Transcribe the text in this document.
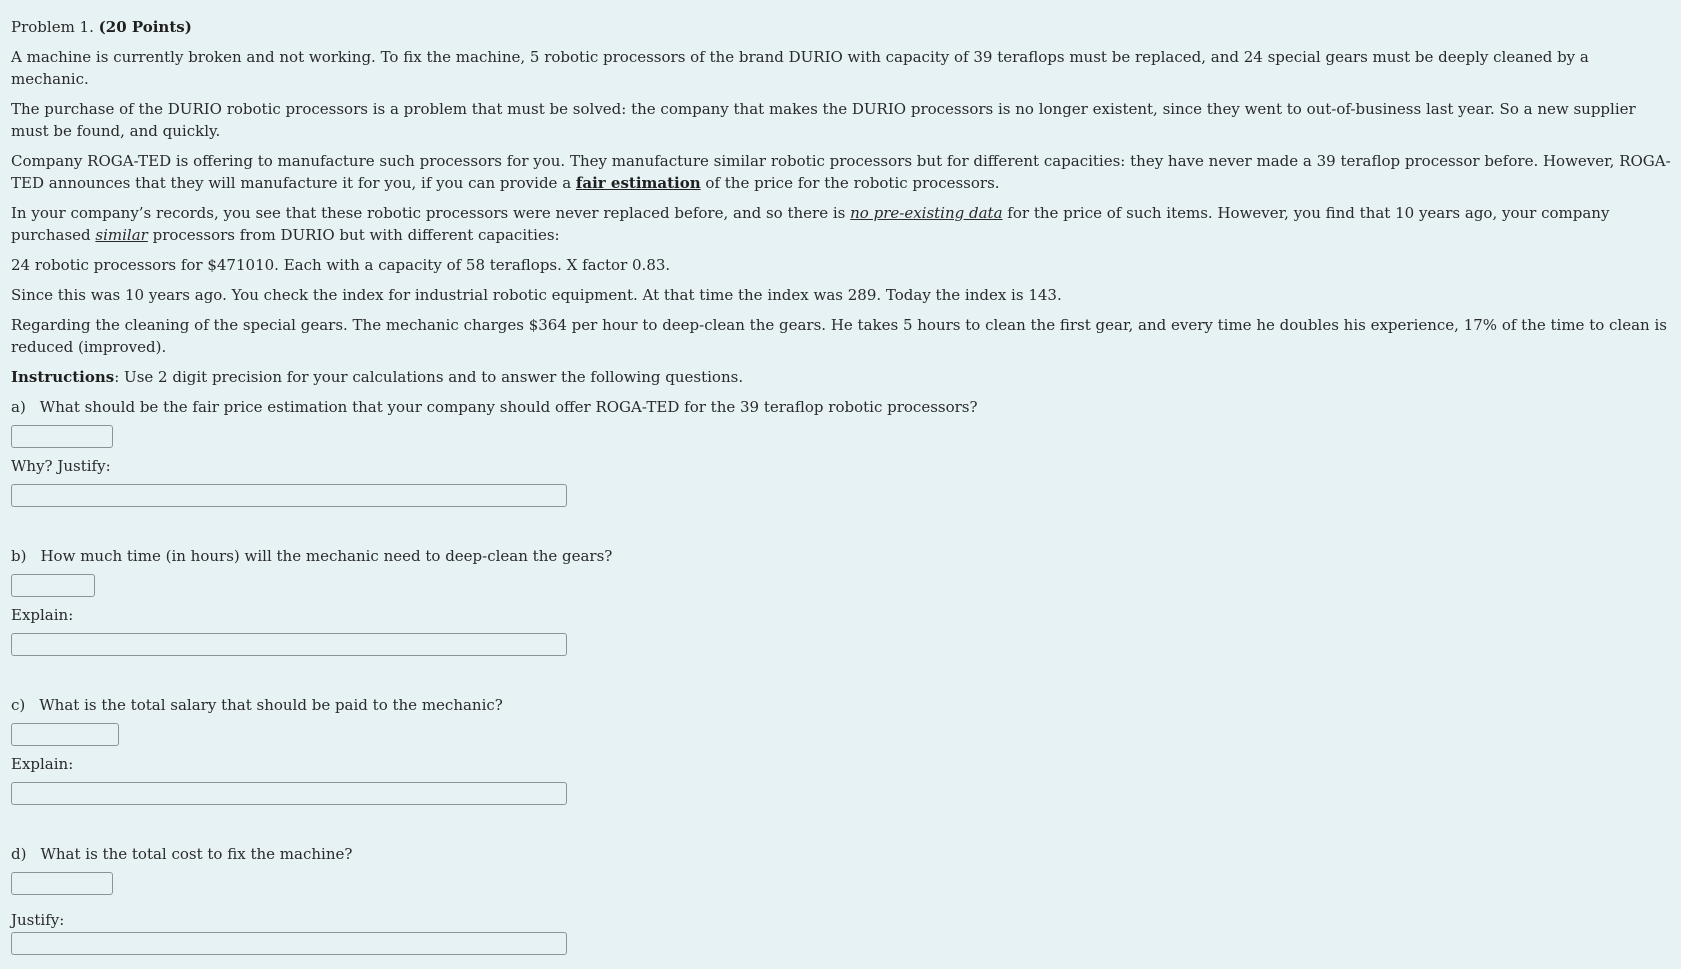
Problem 1. (20 Points)
A machine is currently broken and not working. To fix the machine, 5 robotic processors of the brand DURIO with capacity of 39 teraflops must be replaced, and 24 special gears must be deeply cleaned by a mechanic.
The purchase of the DURIO robotic processors is a problem that must be solved: the company that makes the DURIO processors is no longer existent, since they went to out-of-business last year. So a new supplier must be found, and quickly.
Company ROGA-TED is offering to manufacture such processors for you. They manufacture similar robotic processors but for different capacities: they have never made a 39 teraflop processor before. However, ROGA-TED announces that they will manufacture it for you, if you can provide a fair estimation of the price for the robotic processors.
In your company’s records, you see that these robotic processors were never replaced before, and so there is no pre-existing data for the price of such items. However, you find that 10 years ago, your company purchased similar processors from DURIO but with different capacities:
24 robotic processors for $471010. Each with a capacity of 58 teraflops. X factor 0.83.
Since this was 10 years ago. You check the index for industrial robotic equipment. At that time the index was 289. Today the index is 143.
Regarding the cleaning of the special gears. The mechanic charges $364 per hour to deep-clean the gears. He takes 5 hours to clean the first gear, and every time he doubles his experience, 17% of the time to clean is reduced (improved).
Instructions: Use 2 digit precision for your calculations and to answer the following questions.
a) What should be the fair price estimation that your company should offer ROGA-TED for the 39 teraflop robotic processors?
Why? Justify:
b) How much time (in hours) will the mechanic need to deep-clean the gears?
Explain:
c) What is the total salary that should be paid to the mechanic?
Explain:
d) What is the total cost to fix the machine?
Justify:
